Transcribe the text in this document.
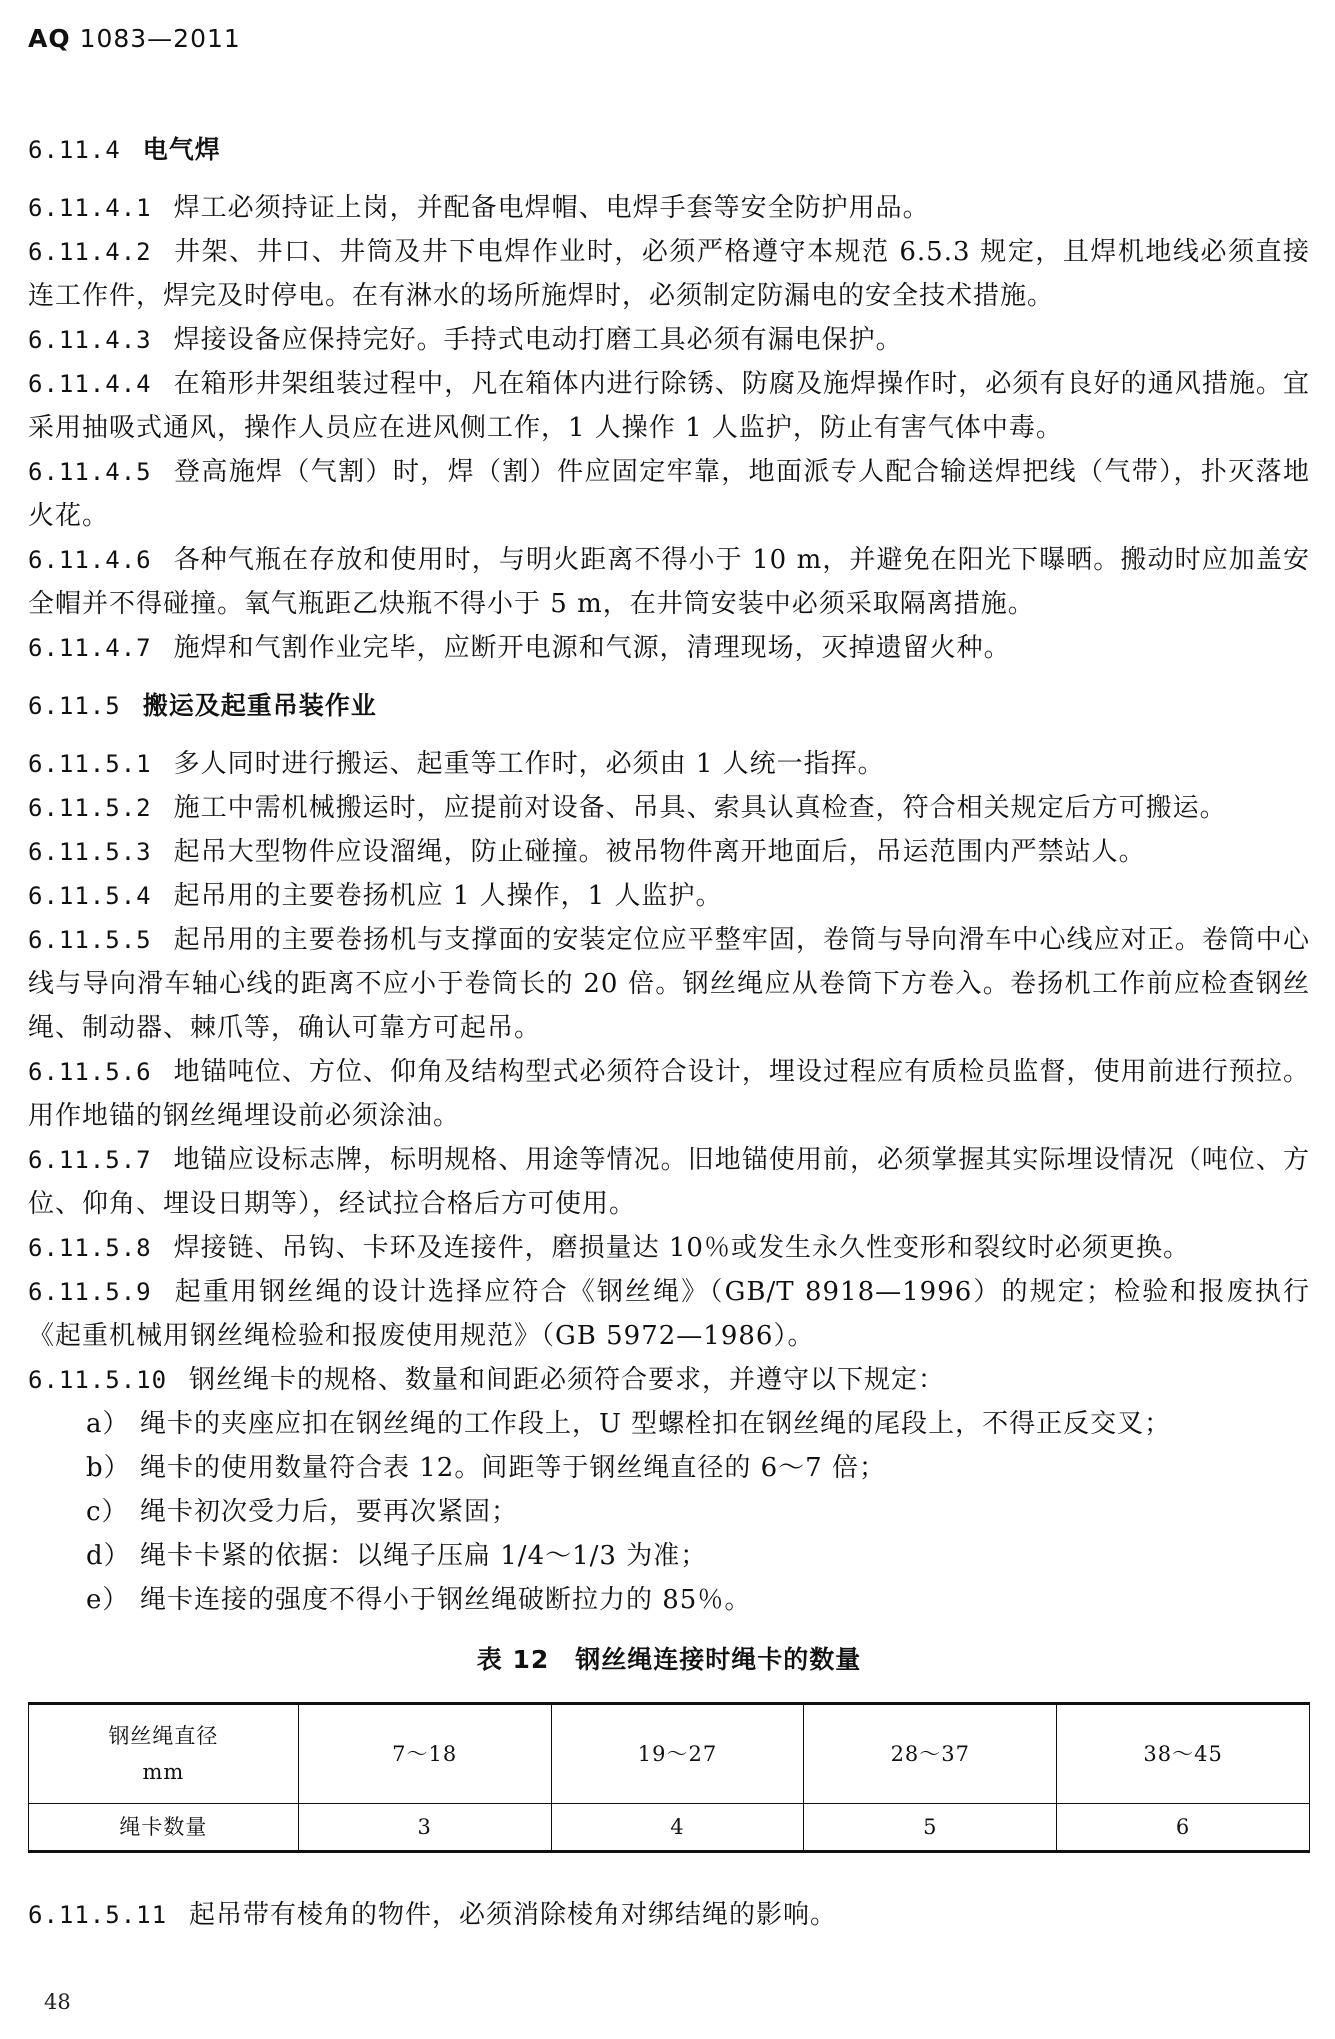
AQ 1083—2011
6.11.4 电气焊

6.11.4.1 焊工必须持证上岗，并配备电焊帽、电焊手套等安全防护用品。

6.11.4.2 井架、井口、井筒及井下电焊作业时，必须严格遵守本规范 6.5.3 规定，且焊机地线必须直接连工作件，焊完及时停电。在有淋水的场所施焊时，必须制定防漏电的安全技术措施。

6.11.4.3 焊接设备应保持完好。手持式电动打磨工具必须有漏电保护。

6.11.4.4 在箱形井架组装过程中，凡在箱体内进行除锈、防腐及施焊操作时，必须有良好的通风措施。宜采用抽吸式通风，操作人员应在进风侧工作，1 人操作 1 人监护，防止有害气体中毒。

6.11.4.5 登高施焊（气割）时，焊（割）件应固定牢靠，地面派专人配合输送焊把线（气带），扑灭落地火花。

6.11.4.6 各种气瓶在存放和使用时，与明火距离不得小于 10 m，并避免在阳光下曝晒。搬动时应加盖安全帽并不得碰撞。氧气瓶距乙炔瓶不得小于 5 m，在井筒安装中必须采取隔离措施。

6.11.4.7 施焊和气割作业完毕，应断开电源和气源，清理现场，灭掉遗留火种。

6.11.5 搬运及起重吊装作业

6.11.5.1 多人同时进行搬运、起重等工作时，必须由 1 人统一指挥。

6.11.5.2 施工中需机械搬运时，应提前对设备、吊具、索具认真检查，符合相关规定后方可搬运。

6.11.5.3 起吊大型物件应设溜绳，防止碰撞。被吊物件离开地面后，吊运范围内严禁站人。

6.11.5.4 起吊用的主要卷扬机应 1 人操作，1 人监护。

6.11.5.5 起吊用的主要卷扬机与支撑面的安装定位应平整牢固，卷筒与导向滑车中心线应对正。卷筒中心线与导向滑车轴心线的距离不应小于卷筒长的 20 倍。钢丝绳应从卷筒下方卷入。卷扬机工作前应检查钢丝绳、制动器、棘爪等，确认可靠方可起吊。

6.11.5.6 地锚吨位、方位、仰角及结构型式必须符合设计，埋设过程应有质检员监督，使用前进行预拉。用作地锚的钢丝绳埋设前必须涂油。

6.11.5.7 地锚应设标志牌，标明规格、用途等情况。旧地锚使用前，必须掌握其实际埋设情况（吨位、方位、仰角、埋设日期等），经试拉合格后方可使用。

6.11.5.8 焊接链、吊钩、卡环及连接件，磨损量达 10％或发生永久性变形和裂纹时必须更换。

6.11.5.9 起重用钢丝绳的设计选择应符合《钢丝绳》（GB/T 8918—1996）的规定；检验和报废执行《起重机械用钢丝绳检验和报废使用规范》（GB 5972—1986）。

6.11.5.10 钢丝绳卡的规格、数量和间距必须符合要求，并遵守以下规定：

a） 绳卡的夹座应扣在钢丝绳的工作段上，U 型螺栓扣在钢丝绳的尾段上，不得正反交叉；
b） 绳卡的使用数量符合表 12。间距等于钢丝绳直径的 6～7 倍；
c） 绳卡初次受力后，要再次紧固；
d） 绳卡卡紧的依据：以绳子压扁 1/4～1/3 为准；
e） 绳卡连接的强度不得小于钢丝绳破断拉力的 85％。
表 12　钢丝绳连接时绳卡的数量
钢丝绳直径
mm	7～18	19～27	28～37	38～45
绳卡数量	3	4	5	6

6.11.5.11 起吊带有棱角的物件，必须消除棱角对绑结绳的影响。

48
